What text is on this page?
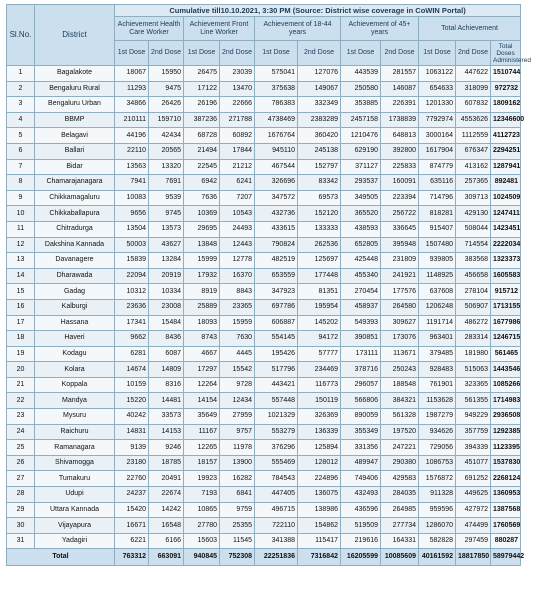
Sl.No.	District	Cumulative till10.10.2021, 3:30 PM (Source: District wise coverage in CoWIN Portal)										
		Achievement Health Care Worker		Achievement Front Line Worker		Achievement of 18-44 years		Achievement of 45+ years		Total Achievement		
		1st Dose	2nd Dose	1st Dose	2nd Dose	1st Dose	2nd Dose	1st Dose	2nd Dose	1st Dose	2nd Dose	Total Doses Administered
1	Bagalakote	18067	15950	26475	23039	575041	127076	443539	281557	1063122	447622	1510744
2	Bengaluru Rural	11293	9475	17122	13470	375638	149067	250580	146087	654633	318099	972732
3	Bengaluru Urban	34866	26426	26196	22666	786383	332349	353885	226391	1201330	607832	1809162
4	BBMP	210111	159710	387236	271788	4738469	2383289	2457158	1738839	7792974	4553626	12346600
5	Belagavi	44196	42434	68728	60892	1676764	360420	1210476	648813	3000164	1112559	4112723
6	Ballari	22110	20565	21494	17844	945110	245138	629190	392800	1617904	676347	2294251
7	Bidar	13563	13320	22545	21212	467544	152797	371127	225833	874779	413162	1287941
8	Chamarajanagara	7941	7691	6942	6241	326696	83342	293537	160091	635116	257365	892481
9	Chikkamagaluru	10083	9539	7636	7207	347572	69573	349505	223394	714796	309713	1024509
10	Chikkaballapura	9656	9745	10369	10543	432736	152120	365520	256722	818281	429130	1247411
11	Chitradurga	13504	13573	29695	24493	433615	133333	438593	336645	915407	508044	1423451
12	Dakshina Kannada	50003	43627	13848	12443	790824	262536	652805	395948	1507480	714554	2222034
13	Davanagere	15839	13284	15999	12778	482519	125697	425448	231809	939805	383568	1323373
14	Dharawada	22094	20919	17932	16370	653559	177448	455340	241921	1148925	456658	1605583
15	Gadag	10312	10334	8919	8843	347923	81351	270454	177576	637608	278104	915712
16	Kalburgi	23636	23008	25889	23365	697786	195954	458937	264580	1206248	506907	1713155
17	Hassana	17341	15484	18093	15959	606887	145202	549393	309627	1191714	486272	1677986
18	Haveri	9662	8436	8743	7630	554145	94172	390851	173076	963401	283314	1246715
19	Kodagu	6281	6087	4667	4445	195426	57777	173111	113671	379485	181980	561465
20	Kolara	14674	14809	17297	15542	517796	234469	378716	250243	928483	515063	1443546
21	Koppala	10159	8316	12264	9728	443421	116773	296057	188548	761901	323365	1085266
22	Mandya	15220	14481	14154	12434	557448	150119	566806	384321	1153628	561355	1714983
23	Mysuru	40242	33573	35649	27959	1021329	326369	890059	561328	1987279	949229	2936508
24	Raichuru	14831	14153	11167	9757	553279	136339	355349	197520	934626	357759	1292385
25	Ramanagara	9139	9246	12265	11978	376296	125894	331356	247221	729056	394339	1123395
26	Shivamogga	23180	18785	18157	13900	555469	128012	489947	290380	1086753	451077	1537830
27	Tumakuru	22760	20491	19923	16282	784543	224896	749406	429583	1576872	691252	2268124
28	Udupi	24237	22674	7193	6841	447405	136075	432493	284035	911328	449625	1360953
29	Uttara Kannada	15420	14242	10865	9759	496715	138986	436596	264985	959596	427972	1387568
30	Vijayapura	16671	16548	27780	25355	722110	154862	519509	277734	1286070	474499	1760569
31	Yadagiri	6221	6166	15603	11545	341388	115417	219616	164331	582828	297459	880287
Total		763312	663091	940845	752308	22251836	7316842	16205599	10085609	40161592	18817850	58979442
